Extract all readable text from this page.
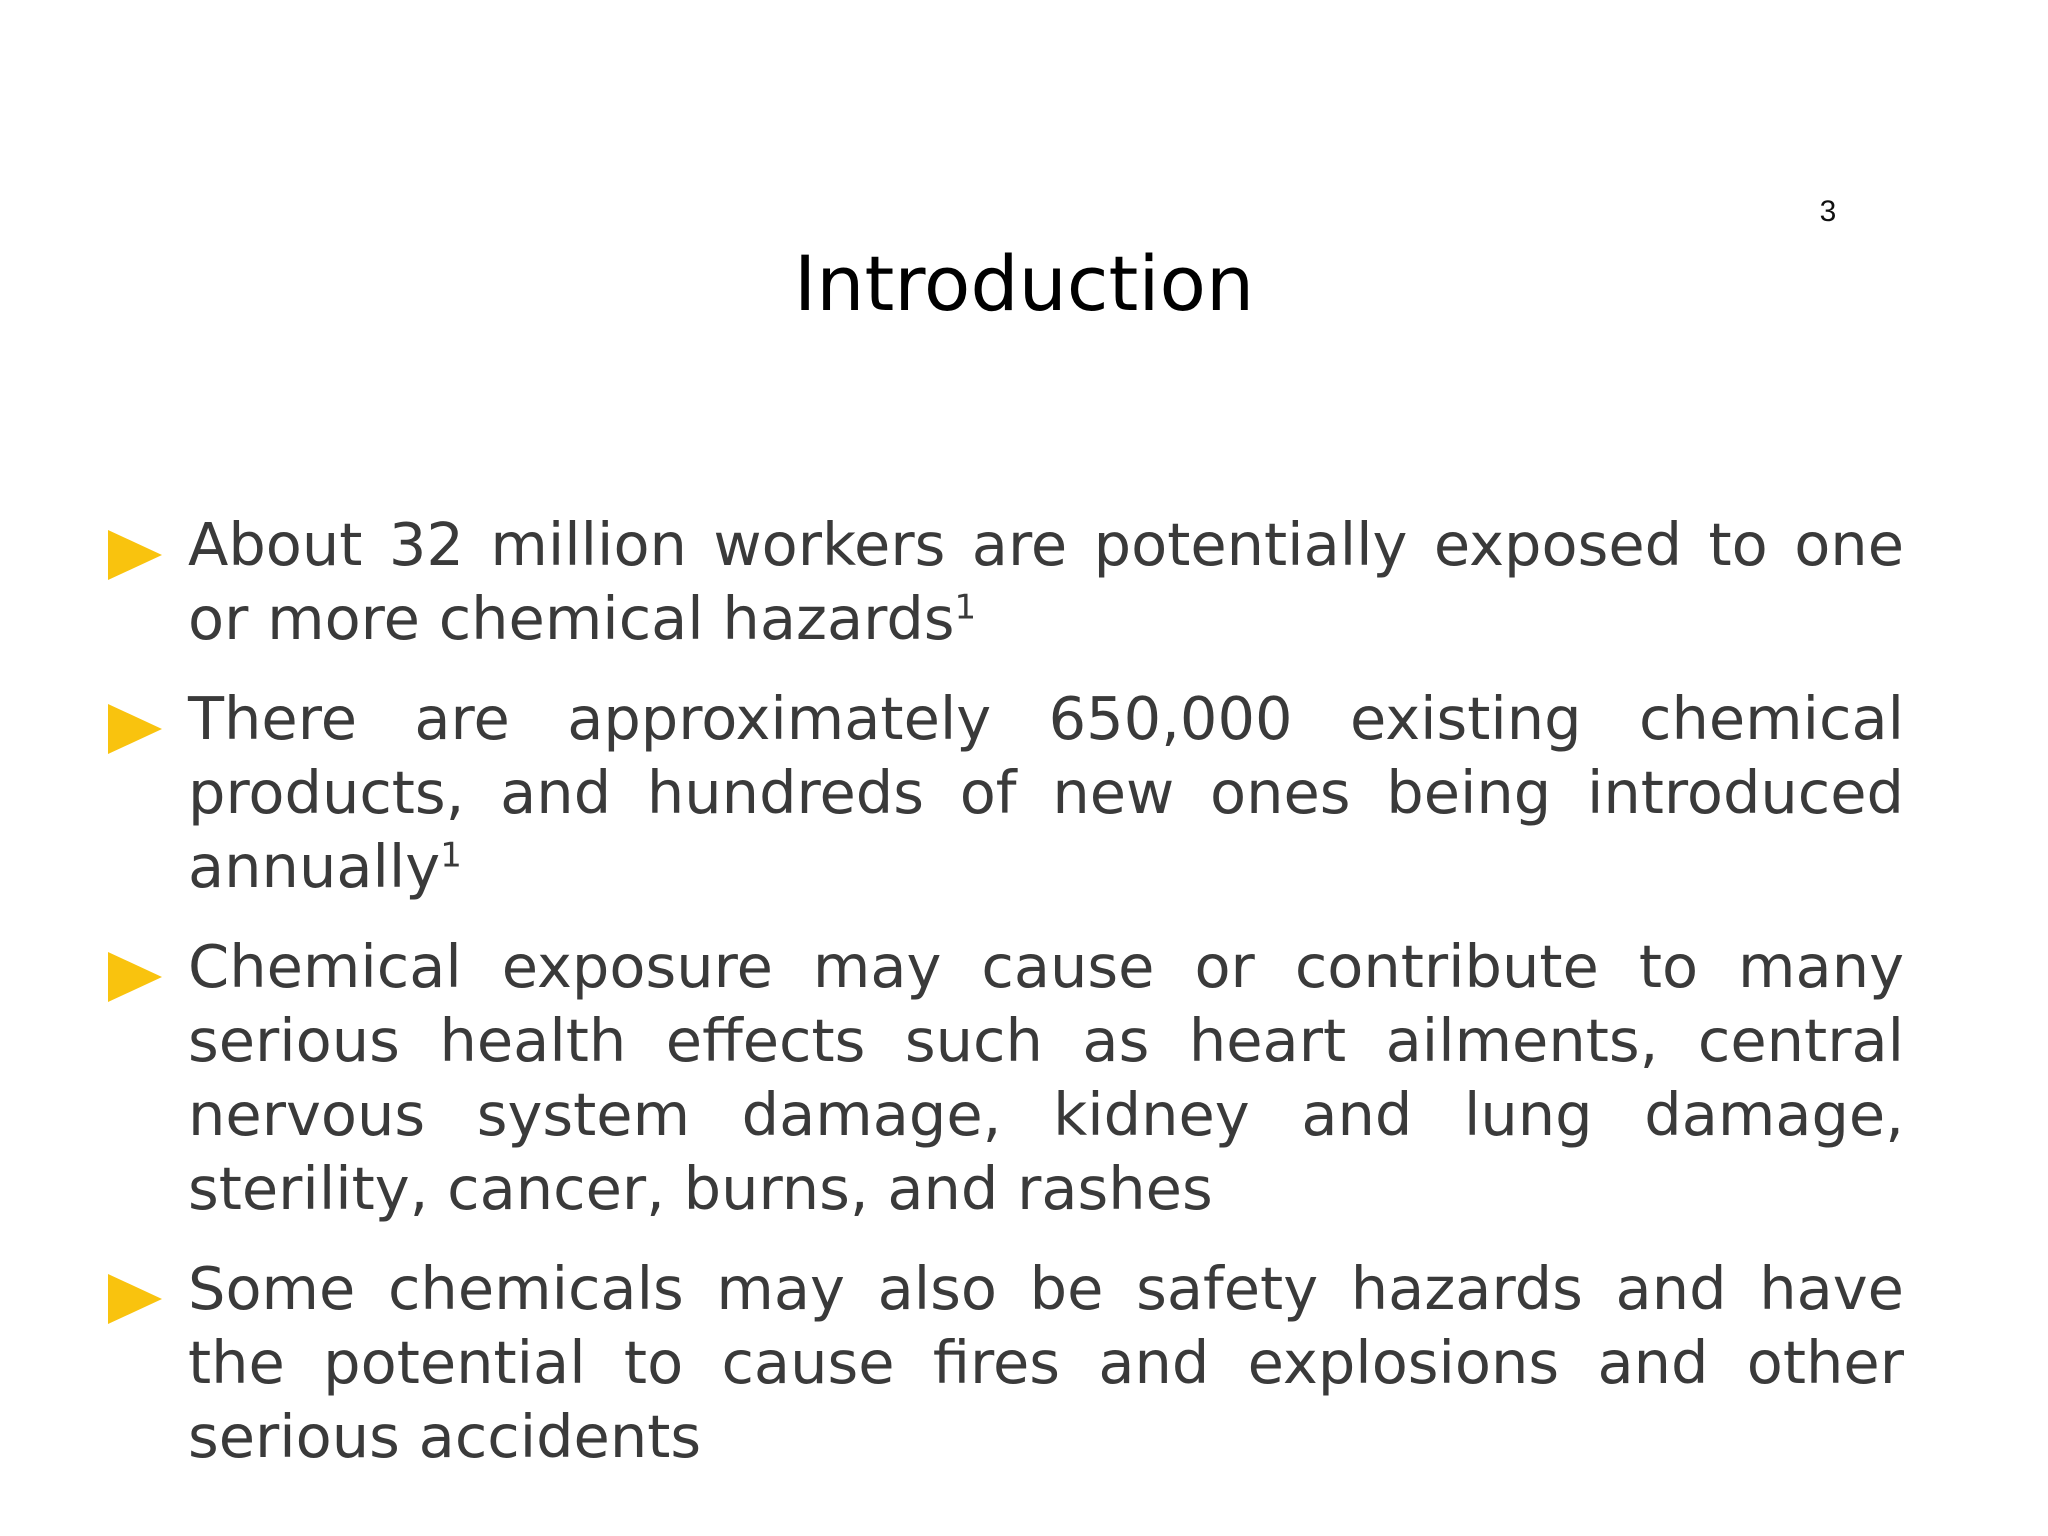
3
Introduction
About 32 million workers are potentially exposed to one or more chemical hazards$^1$
There are approximately 650,000 existing chemical products, and hundreds of new ones being introduced annually$^1$
Chemical exposure may cause or contribute to many serious health effects such as heart ailments, central nervous system damage, kidney and lung damage, sterility, cancer, burns, and rashes
Some chemicals may also be safety hazards and have the potential to cause fires and explosions and other serious accidents
